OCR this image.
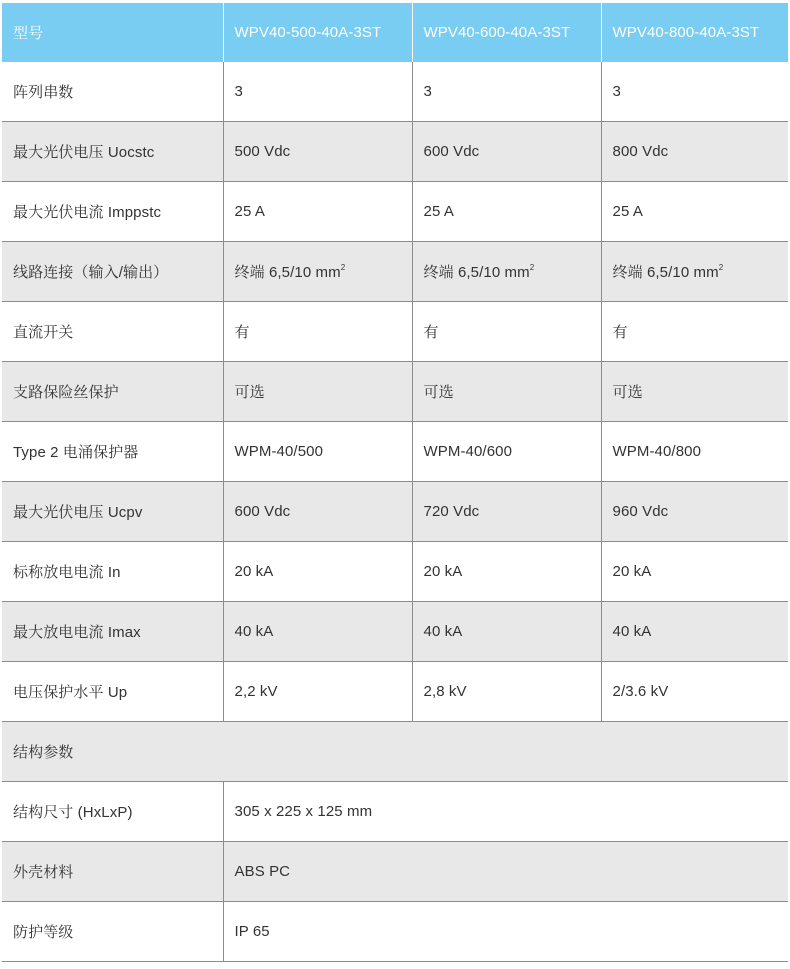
型号	WPV40-500-40A-3ST	WPV40-600-40A-3ST	WPV40-800-40A-3ST
阵列串数	3	3	3
最大光伏电压 Uocstc	500 Vdc	600 Vdc	800 Vdc
最大光伏电流 Imppstc	25 A	25 A	25 A
线路连接（输入/输出）	终端 6,5/10 $mm^2$	终端 6,5/10 $mm^2$	终端 6,5/10 $mm^2$
直流开关	有	有	有
支路保险丝保护	可选	可选	可选
Type 2 电涌保护器	WPM-40/500	WPM-40/600	WPM-40/800
最大光伏电压 Ucpv	600 Vdc	720 Vdc	960 Vdc
标称放电电流 In	20 kA	20 kA	20 kA
最大放电电流 Imax	40 kA	40 kA	40 kA
电压保护水平 Up	2,2 kV	2,8 kV	2/3.6 kV
结构参数			
结构尺寸 (HxLxP)	305 x 225 x 125 mm		
外壳材料	ABS PC		
防护等级	IP 65		
